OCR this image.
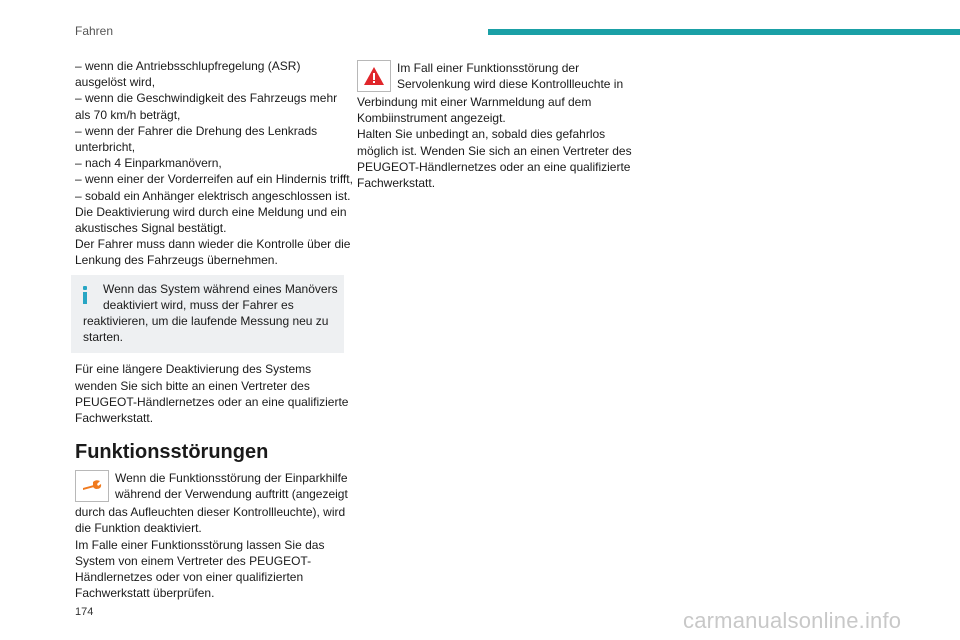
Fahren
– wenn die Antriebsschlupfregelung (ASR)
ausgelöst wird,
– wenn die Geschwindigkeit des Fahrzeugs mehr
als 70 km/h beträgt,
– wenn der Fahrer die Drehung des Lenkrads
unterbricht,
– nach 4 Einparkmanövern,
– wenn einer der Vorderreifen auf ein Hindernis trifft,
– sobald ein Anhänger elektrisch angeschlossen ist.
Die Deaktivierung wird durch eine Meldung und ein
akustisches Signal bestätigt.
Der Fahrer muss dann wieder die Kontrolle über die
Lenkung des Fahrzeugs übernehmen.
Wenn das System während eines Manövers
deaktiviert wird, muss der Fahrer es
reaktivieren, um die laufende Messung neu zu
starten.
Für eine längere Deaktivierung des Systems
wenden Sie sich bitte an einen Vertreter des
PEUGEOT-Händlernetzes oder an eine qualifizierte
Fachwerkstatt.
Funktionsstörungen
Wenn die Funktionsstörung der Einparkhilfe
während der Verwendung auftritt (angezeigt
durch das Aufleuchten dieser Kontrollleuchte), wird
die Funktion deaktiviert.
Im Falle einer Funktionsstörung lassen Sie das
System von einem Vertreter des PEUGEOT-
Händlernetzes oder von einer qualifizierten
Fachwerkstatt überprüfen.
Im Fall einer Funktionsstörung der
Servolenkung wird diese Kontrollleuchte in
Verbindung mit einer Warnmeldung auf dem
Kombiinstrument angezeigt.
Halten Sie unbedingt an, sobald dies gefahrlos
möglich ist. Wenden Sie sich an einen Vertreter des
PEUGEOT-Händlernetzes oder an eine qualifizierte
Fachwerkstatt.
174	carmanualsonline.info
